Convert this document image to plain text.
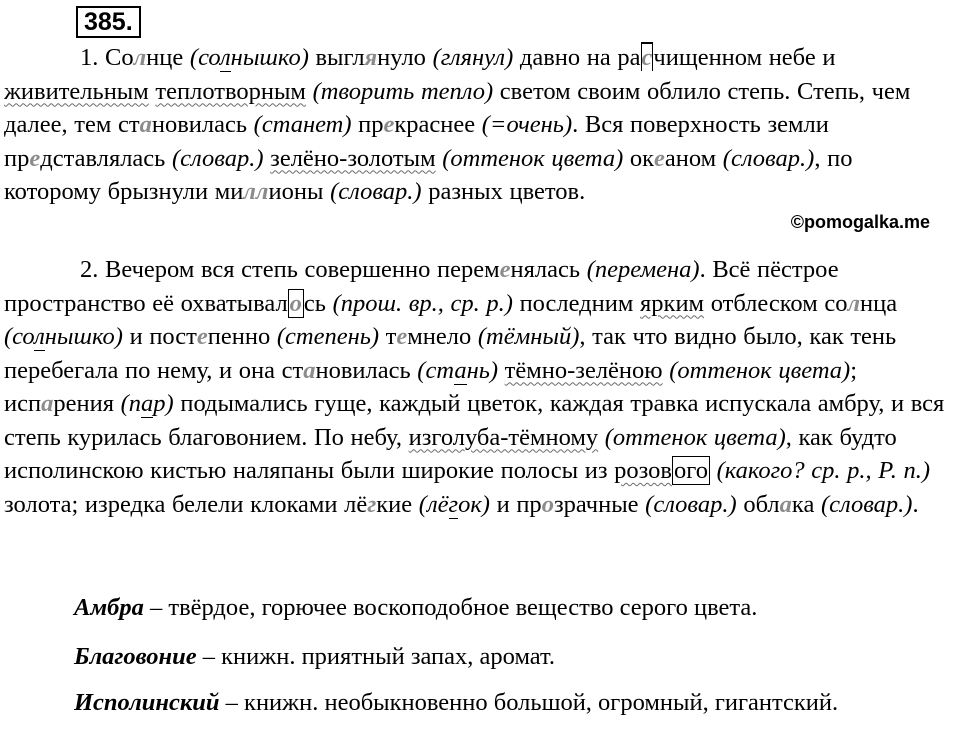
385.
1. Солнце (солнышко) выглянуло (глянул) давно на расчищенном небе и живительным теплотворным (творить тепло) светом своим облило степь. Степь, чем далее, тем становилась (станет) прекраснее (=очень). Вся поверхность земли представлялась (словар.) зелёно-золотым (оттенок цвета) океаном (словар.), по которому брызнули миллионы (словар.) разных цветов.
©pomogalka.me
2. Вечером вся степь совершенно переменялась (перемена). Всё пёстрое пространство её охватывалось (прош. вр., ср. р.) последним ярким отблеском солнца (солнышко) и постепенно (степень) темнело (тёмный), так что видно было, как тень перебегала по нему, и она становилась (стань) тёмно-зелёною (оттенок цвета); испарения (пар) подымались гуще, каждый цветок, каждая травка испускала амбру, и вся степь курилась благовонием. По небу, изголуба-тёмному (оттенок цвета), как будто исполинскою кистью наляпаны были широкие полосы из розового (какого? ср. р., Р. п.) золота; изредка белели клоками лёгкие (лёгок) и прозрачные (словар.) облака (словар.).
Амбра – твёрдое, горючее воскоподобное вещество серого цвета.
Благовоние – книжн. приятный запах, аромат.
Исполинский – книжн. необыкновенно большой, огромный, гигантский.
